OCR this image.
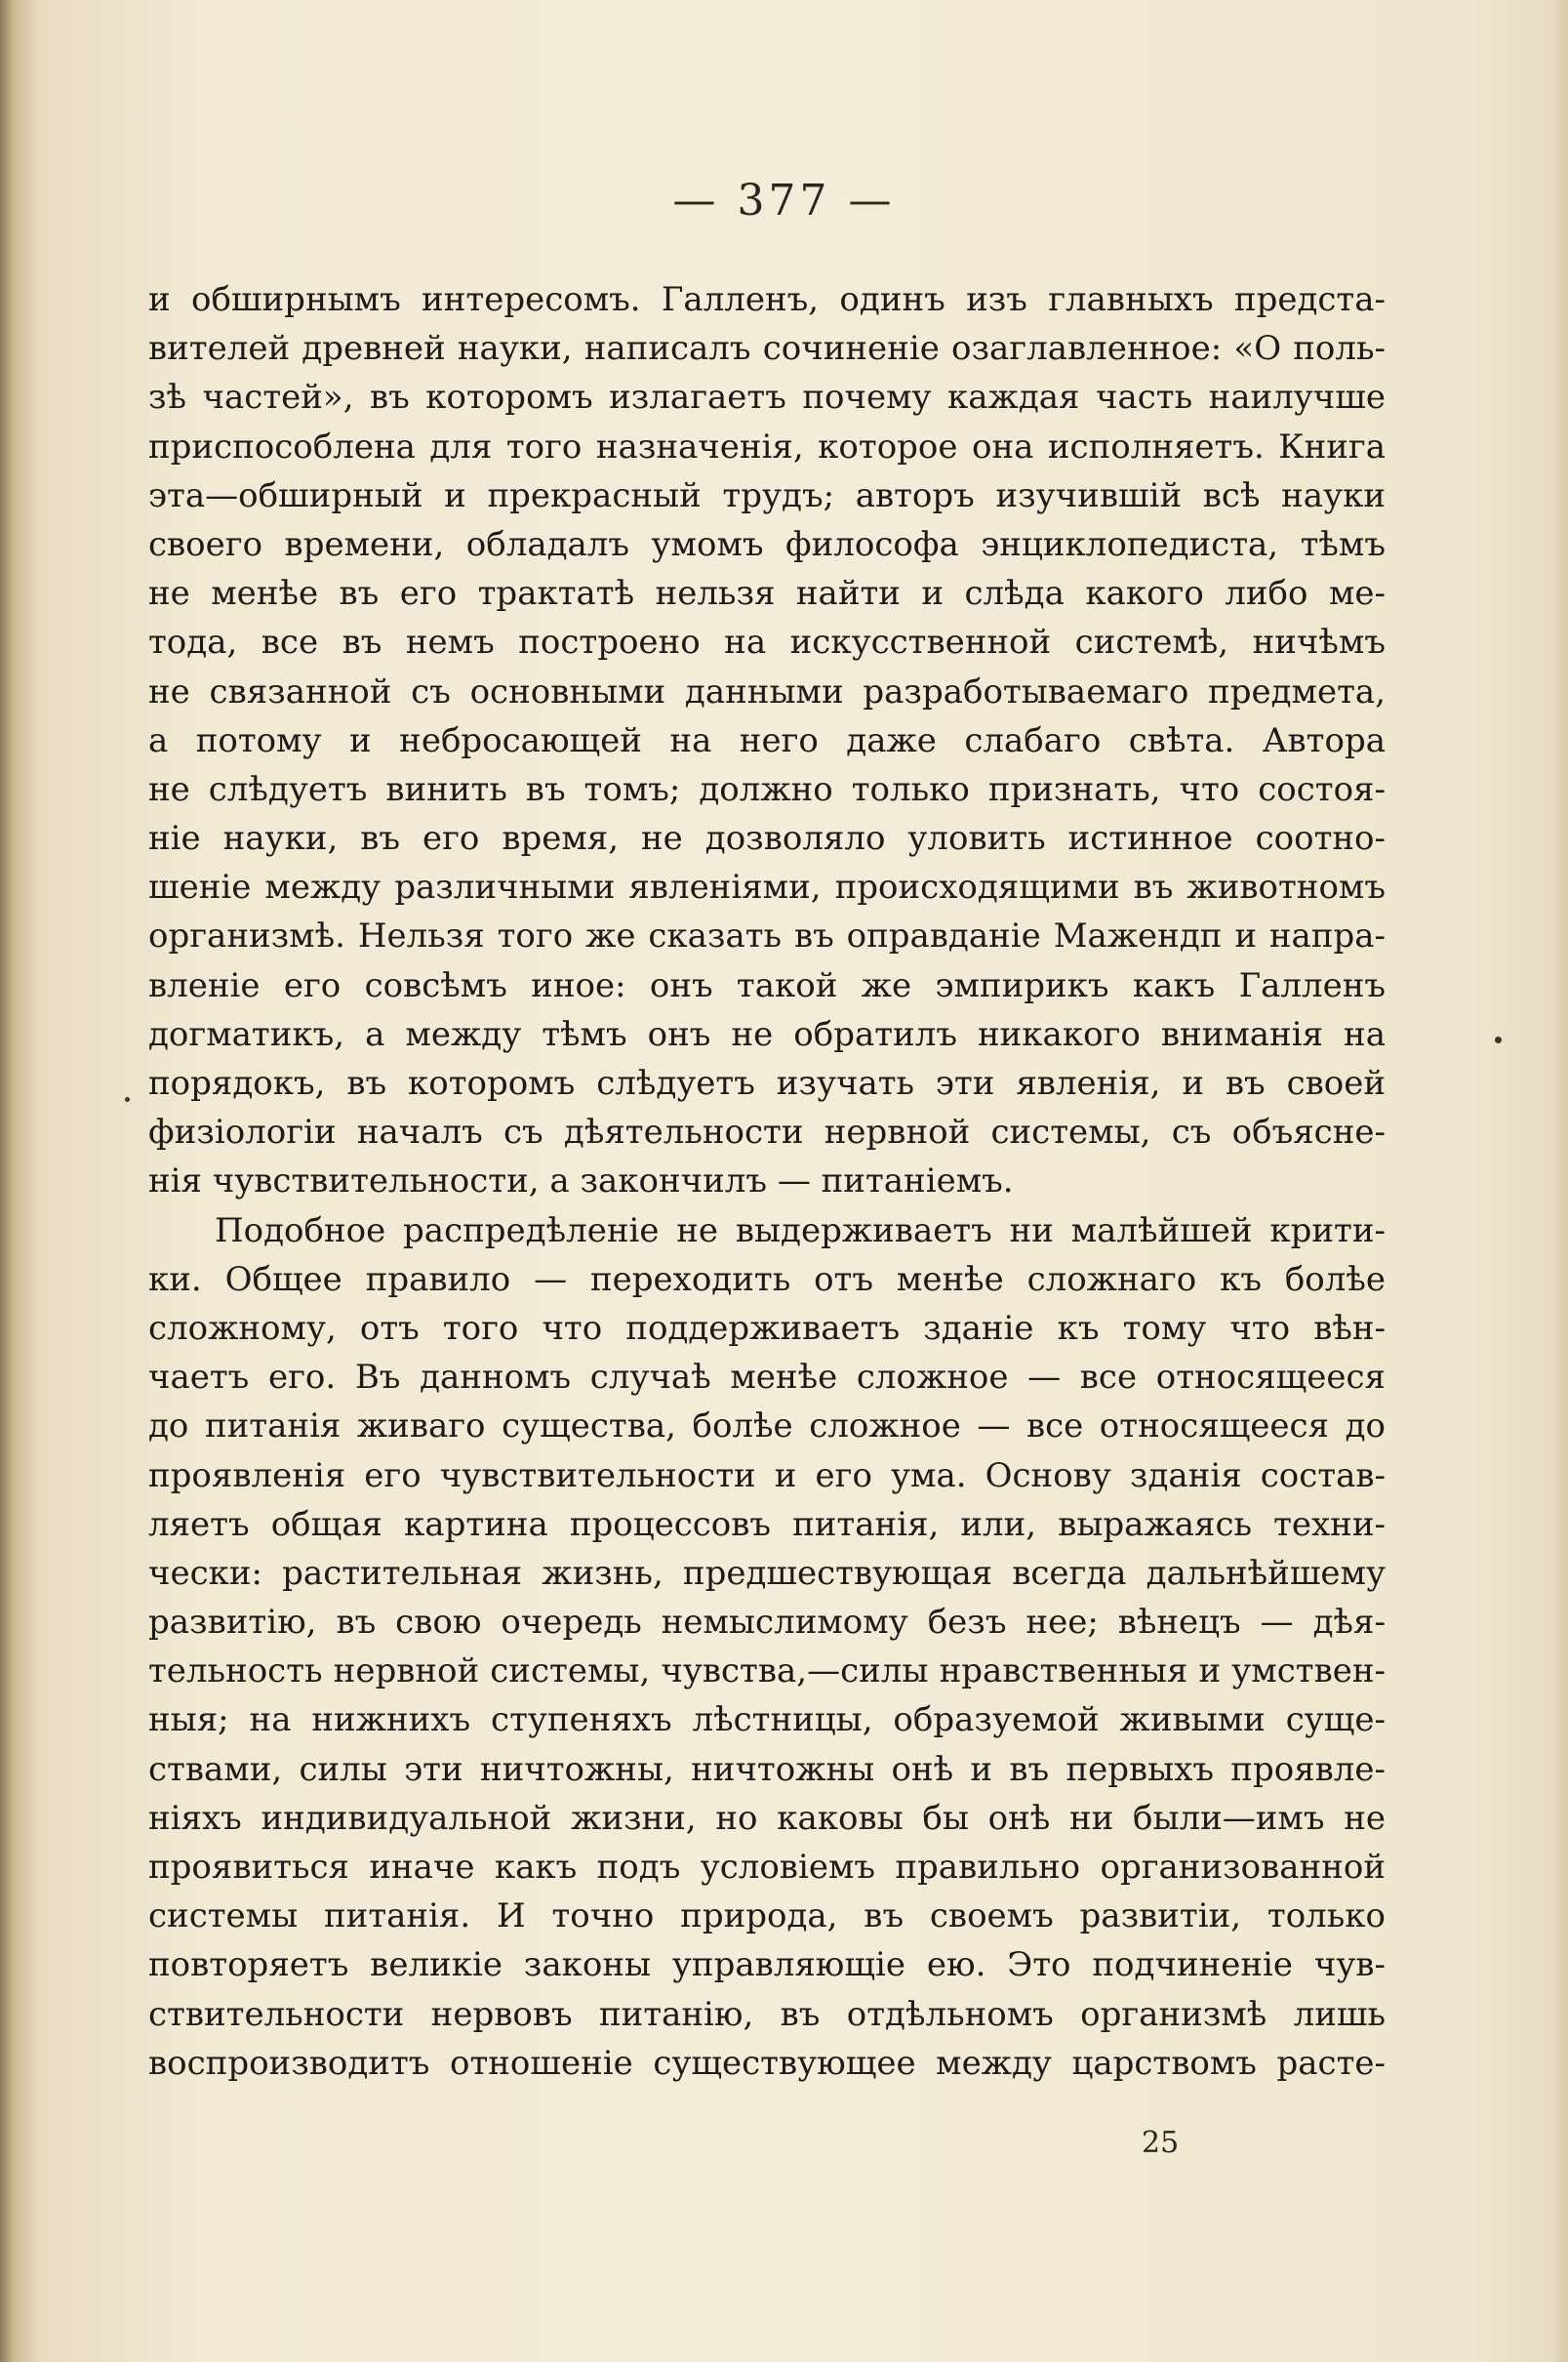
— 377 —
и обширнымъ интересомъ. Галленъ, одинъ изъ главныхъ предста-
вителей древней науки, написалъ сочиненіе озаглавленное: «О поль-
зѣ частей», въ которомъ излагаетъ почему каждая часть наилучше
приспособлена для того назначенія, которое она исполняетъ. Книга
эта—обширный и прекрасный трудъ; авторъ изучившій всѣ науки
своего времени, обладалъ умомъ философа энциклопедиста, тѣмъ
не менѣе въ его трактатѣ нельзя найти и слѣда какого либо ме-
тода, все въ немъ построено на искусственной системѣ, ничѣмъ
не связанной съ основными данными разработываемаго предмета,
а потому и небросающей на него даже слабаго свѣта. Автора
не слѣдуетъ винить въ томъ; должно только признать, что состоя-
ніе науки, въ его время, не дозволяло уловить истинное соотно-
шеніе между различными явленіями, происходящими въ животномъ
организмѣ. Нельзя того же сказать въ оправданіе Мажендп и напра-
вленіе его совсѣмъ иное: онъ такой же эмпирикъ какъ Галленъ
догматикъ, а между тѣмъ онъ не обратилъ никакого вниманія на
порядокъ, въ которомъ слѣдуетъ изучать эти явленія, и въ своей
физіологіи началъ съ дѣятельности нервной системы, съ объясне-
нія чувствительности, а закончилъ — питаніемъ.
Подобное распредѣленіе не выдерживаетъ ни малѣйшей крити-
ки. Общее правило — переходить отъ менѣе сложнаго къ болѣе
сложному, отъ того что поддерживаетъ зданіе къ тому что вѣн-
чаетъ его. Въ данномъ случаѣ менѣе сложное — все относящееся
до питанія живаго существа, болѣе сложное — все относящееся до
проявленія его чувствительности и его ума. Основу зданія состав-
ляетъ общая картина процессовъ питанія, или, выражаясь техни-
чески: растительная жизнь, предшествующая всегда дальнѣйшему
развитію, въ свою очередь немыслимому безъ нее; вѣнецъ — дѣя-
тельность нервной системы, чувства,—силы нравственныя и умствен-
ныя; на нижнихъ ступеняхъ лѣстницы, образуемой живыми суще-
ствами, силы эти ничтожны, ничтожны онѣ и въ первыхъ проявле-
ніяхъ индивидуальной жизни, но каковы бы онѣ ни были—имъ не
проявиться иначе какъ подъ условіемъ правильно организованной
системы питанія. И точно природа, въ своемъ развитіи, только
повторяетъ великіе законы управляющіе ею. Это подчиненіе чув-
ствительности нервовъ питанію, въ отдѣльномъ организмѣ лишь
воспроизводитъ отношеніе существующее между царствомъ расте-
25
